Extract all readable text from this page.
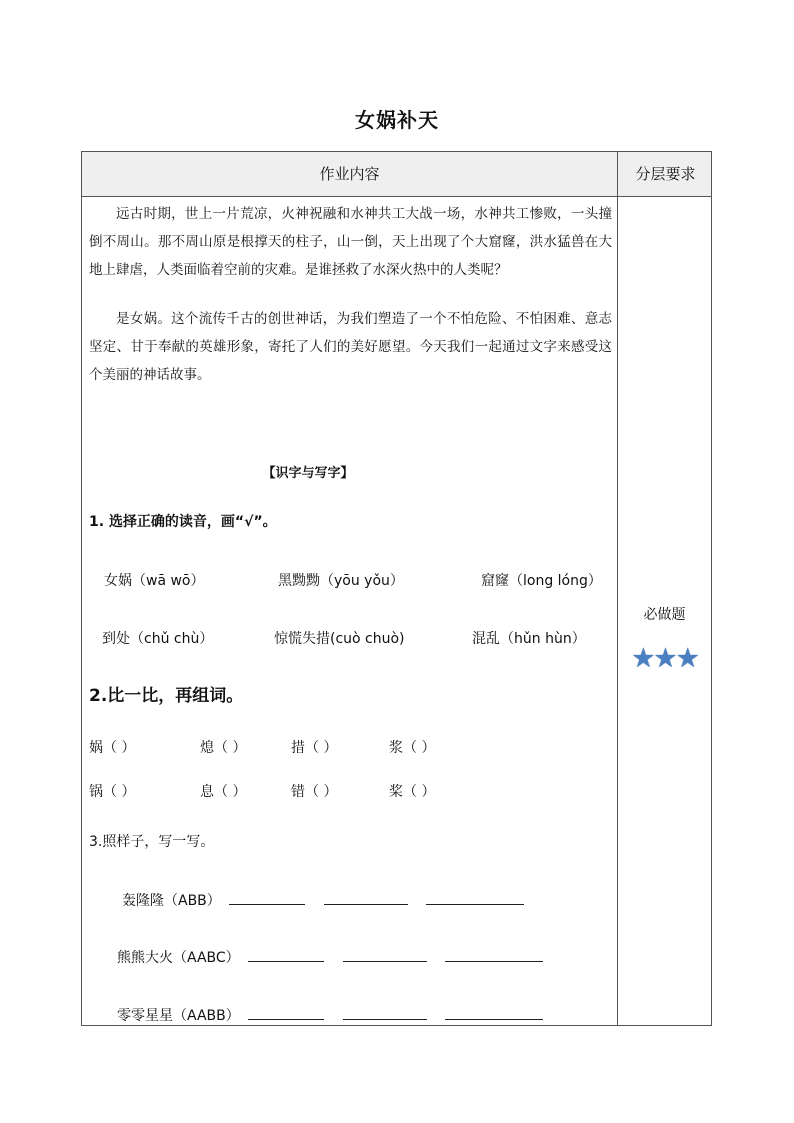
女娲补天
作业内容	分层要求
远古时期，世上一片荒凉，火神祝融和水神共工大战一场，水神共工惨败，一头撞倒不周山。那不周山原是根撑天的柱子，山一倒，天上出现了个大窟窿，洪水猛兽在大地上肆虐，人类面临着空前的灾难。是谁拯救了水深火热中的人类呢？
是女娲。这个流传千古的创世神话，为我们塑造了一个不怕危险、不怕困难、意志坚定、甘于奉献的英雄形象，寄托了人们的美好愿望。今天我们一起通过文字来感受这个美丽的神话故事。
【识字与写字】
1. 选择正确的读音，画“√”。
女娲（wā wō）	黑黝黝（yōu yǒu）	窟窿（long lóng）
到处（chǔ chù）	惊慌失措(cuò chuò)	混乱（hǔn hùn）
2.比一比，再组词。
娲（ ）	熄（ ）	措（ ）	浆（ ）
锅（ ）	息（ ）	错（ ）	桨（ ）
3.照样子，写一写。
轰隆隆（ABB）
熊熊大火（AABC）
零零星星（AABB）
必做题
★★★
